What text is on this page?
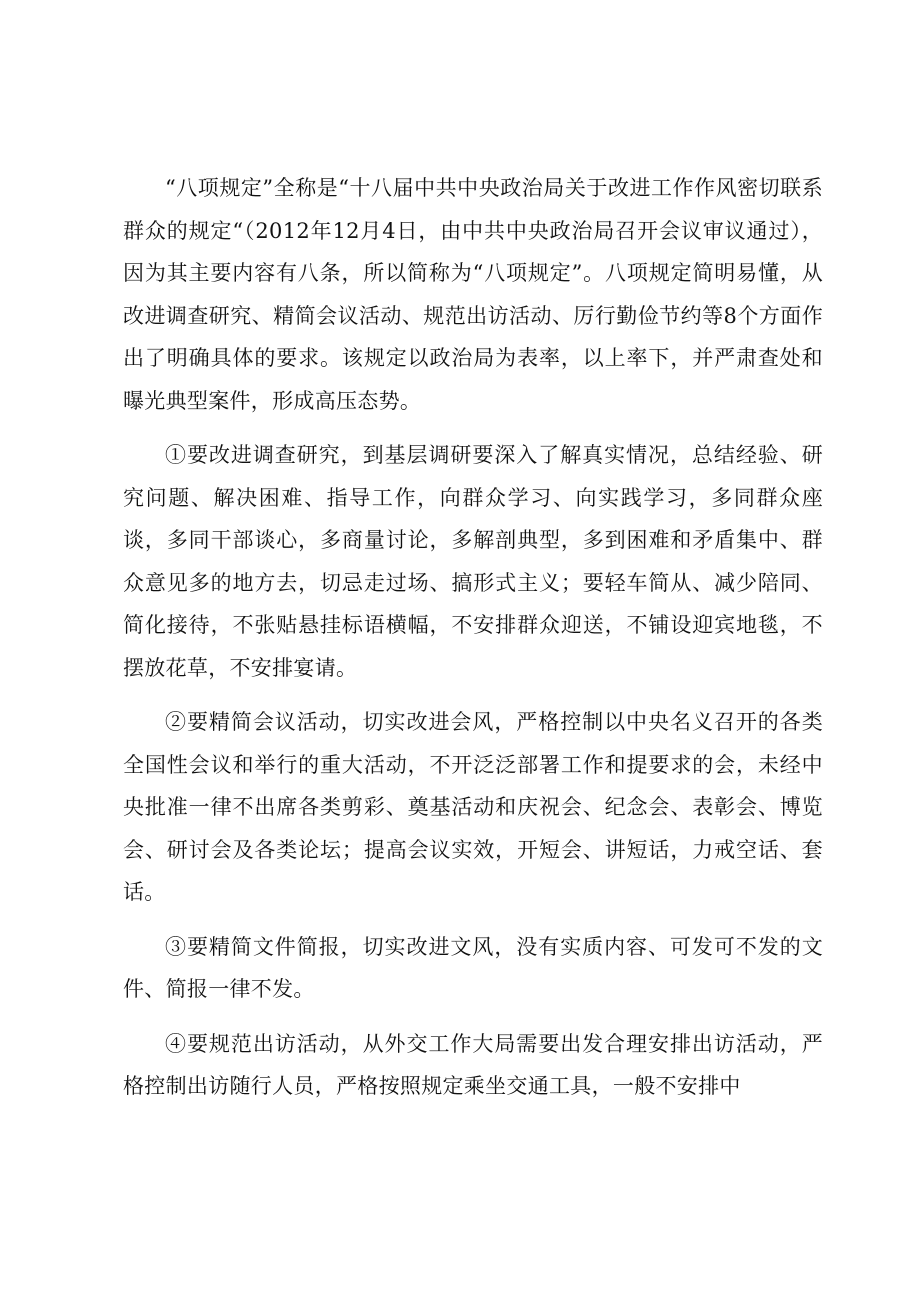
“八项规定”全称是“十八届中共中央政治局关于改进工作作风密切联系群众的规定“（2012年12月4日，由中共中央政治局召开会议审议通过），因为其主要内容有八条，所以简称为“八项规定”。八项规定简明易懂，从改进调查研究、精简会议活动、规范出访活动、厉行勤俭节约等8个方面作出了明确具体的要求。该规定以政治局为表率，以上率下，并严肃查处和曝光典型案件，形成高压态势。

①要改进调查研究，到基层调研要深入了解真实情况，总结经验、研究问题、解决困难、指导工作，向群众学习、向实践学习，多同群众座谈，多同干部谈心，多商量讨论，多解剖典型，多到困难和矛盾集中、群众意见多的地方去，切忌走过场、搞形式主义；要轻车简从、减少陪同、简化接待，不张贴悬挂标语横幅，不安排群众迎送，不铺设迎宾地毯，不摆放花草，不安排宴请。

②要精简会议活动，切实改进会风，严格控制以中央名义召开的各类全国性会议和举行的重大活动，不开泛泛部署工作和提要求的会，未经中央批准一律不出席各类剪彩、奠基活动和庆祝会、纪念会、表彰会、博览会、研讨会及各类论坛；提高会议实效，开短会、讲短话，力戒空话、套话。

③要精简文件简报，切实改进文风，没有实质内容、可发可不发的文件、简报一律不发。

④要规范出访活动，从外交工作大局需要出发合理安排出访活动，严格控制出访随行人员，严格按照规定乘坐交通工具，一般不安排中
